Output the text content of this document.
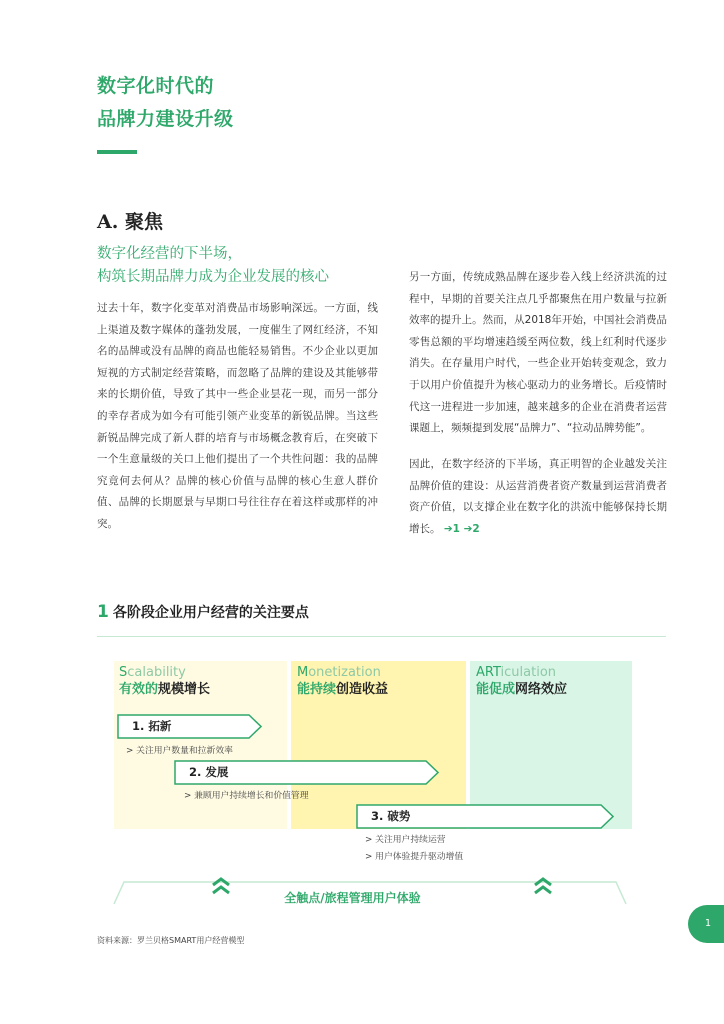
数字化时代的
品牌力建设升级
A. 聚焦
数字化经营的下半场，
构筑长期品牌力成为企业发展的核心
过去十年，数字化变革对消费品市场影响深远。一方面，线上渠道及数字媒体的蓬勃发展，一度催生了网红经济，不知名的品牌或没有品牌的商品也能轻易销售。不少企业以更加短视的方式制定经营策略，而忽略了品牌的建设及其能够带来的长期价值，导致了其中一些企业昙花一现，而另一部分的幸存者成为如今有可能引领产业变革的新锐品牌。当这些新锐品牌完成了新人群的培育与市场概念教育后，在突破下一个生意量级的关口上他们提出了一个共性问题：我的品牌究竟何去何从？品牌的核心价值与品牌的核心生意人群价值、品牌的长期愿景与早期口号往往存在着这样或那样的冲突。
另一方面，传统成熟品牌在逐步卷入线上经济洪流的过程中，早期的首要关注点几乎都聚焦在用户数量与拉新效率的提升上。然而，从2018年开始，中国社会消费品零售总额的平均增速趋缓至两位数，线上红利时代逐步消失。在存量用户时代，一些企业开始转变观念，致力于以用户价值提升为核心驱动力的业务增长。后疫情时代这一进程进一步加速，越来越多的企业在消费者运营课题上，频频提到发展“品牌力”、“拉动品牌势能”。
因此，在数字经济的下半场，真正明智的企业越发关注品牌价值的建设：从运营消费者资产数量到运营消费者资产价值，以支撑企业在数字化的洪流中能够保持长期增长。 ➔1 ➔2
1 各阶段企业用户经营的关注要点
Scalability
有效的规模增长
Monetization
能持续创造收益
ARTiculation
能促成网络效应
1. 拓新
> 关注用户数量和拉新效率
2. 发展
> 兼顾用户持续增长和价值管理
3. 破势
> 关注用户持续运营
> 用户体验提升驱动增值
全触点/旅程管理用户体验
资料来源：罗兰贝格SMART用户经营模型
1
